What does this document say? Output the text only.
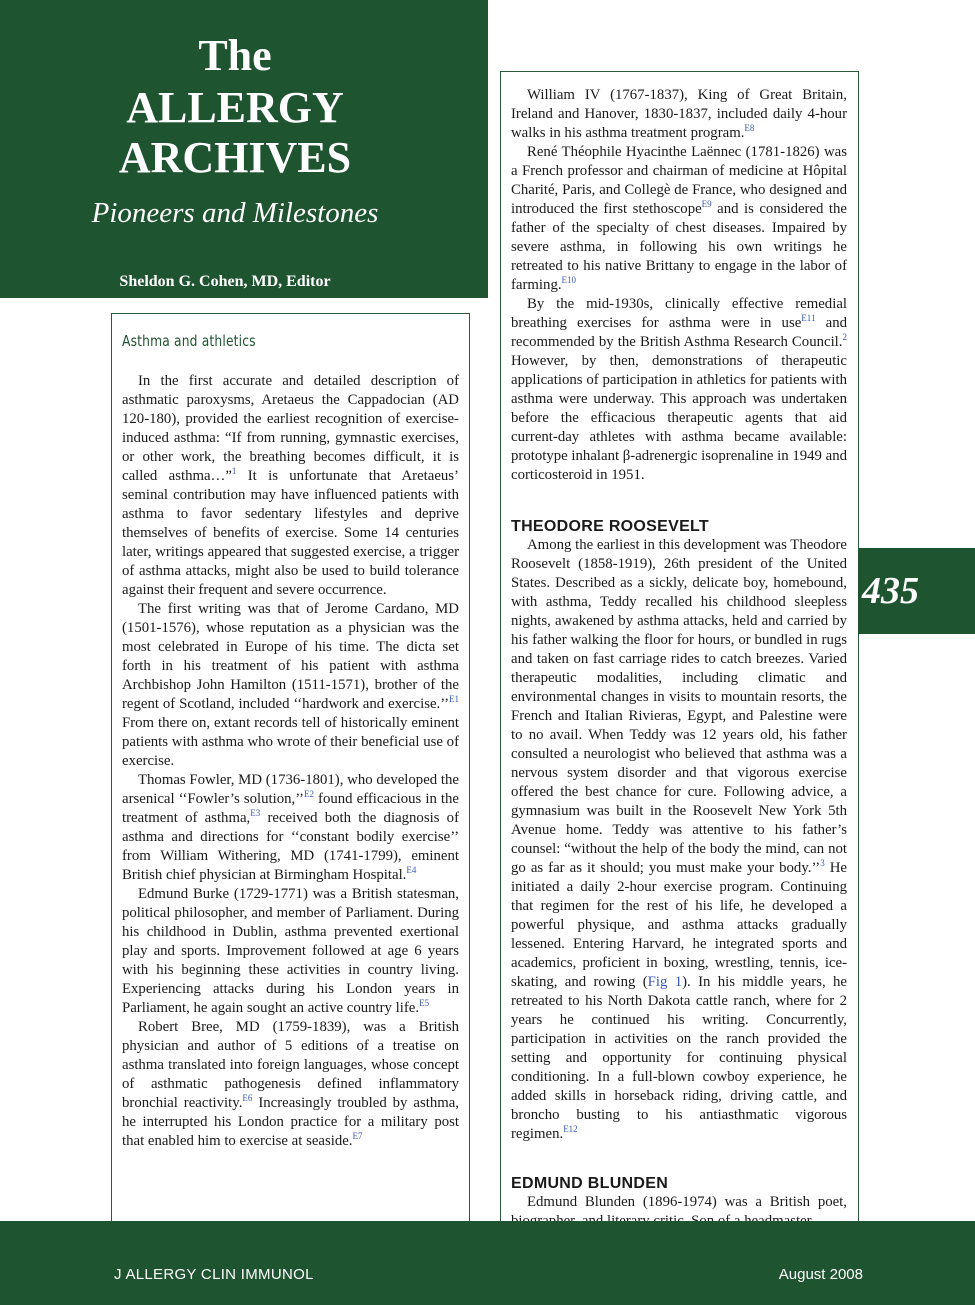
The
ALLERGY
ARCHIVES
Pioneers and Milestones
Sheldon G. Cohen, MD, Editor
Asthma and athletics

In the first accurate and detailed description of asthmatic paroxysms, Aretaeus the Cappadocian (AD 120-180), provided the earliest recognition of exercise-induced asthma: “If from running, gymnastic exercises, or other work, the breathing becomes difficult, it is called asthma…”$^1$ It is unfortunate that Aretaeus’ seminal contribution may have influenced patients with asthma to favor sedentary lifestyles and deprive themselves of benefits of exercise. Some 14 centuries later, writings appeared that suggested exercise, a trigger of asthma attacks, might also be used to build tolerance against their frequent and severe occurrence.

The first writing was that of Jerome Cardano, MD (1501-1576), whose reputation as a physician was the most celebrated in Europe of his time. The dicta set forth in his treatment of his patient with asthma Archbishop John Hamilton (1511-1571), brother of the regent of Scotland, included ‘‘hardwork and exercise.’’$^{E1}$ From there on, extant records tell of historically eminent patients with asthma who wrote of their beneficial use of exercise.

Thomas Fowler, MD (1736-1801), who developed the arsenical ‘‘Fowler’s solution,’’$^{E2}$ found efficacious in the treatment of asthma,$^{E3}$ received both the diagnosis of asthma and directions for ‘‘constant bodily exercise’’ from William Withering, MD (1741-1799), eminent British chief physician at Birmingham Hospital.$^{E4}$

Edmund Burke (1729-1771) was a British statesman, political philosopher, and member of Parliament. During his childhood in Dublin, asthma prevented exertional play and sports. Improvement followed at age 6 years with his beginning these activities in country living. Experiencing attacks during his London years in Parliament, he again sought an active country life.$^{E5}$

Robert Bree, MD (1759-1839), was a British physician and author of 5 editions of a treatise on asthma translated into foreign languages, whose concept of asthmatic pathogenesis defined inflammatory bronchial reactivity.$^{E6}$ Increasingly troubled by asthma, he interrupted his London practice for a military post that enabled him to exercise at seaside.$^{E7}$

William IV (1767-1837), King of Great Britain, Ireland and Hanover, 1830-1837, included daily 4-hour walks in his asthma treatment program.$^{E8}$

René Théophile Hyacinthe Laënnec (1781-1826) was a French professor and chairman of medicine at Hôpital Charité, Paris, and Collegè de France, who designed and introduced the first stethoscope$^{E9}$ and is considered the father of the specialty of chest diseases. Impaired by severe asthma, in following his own writings he retreated to his native Brittany to engage in the labor of farming.$^{E10}$

By the mid-1930s, clinically effective remedial breathing exercises for asthma were in use$^{E11}$ and recommended by the British Asthma Research Council.$^2$ However, by then, demonstrations of therapeutic applications of participation in athletics for patients with asthma were underway. This approach was undertaken before the efficacious therapeutic agents that aid current-day athletes with asthma became available: prototype inhalant β-adrenergic isoprenaline in 1949 and corticosteroid in 1951.

THEODORE ROOSEVELT

Among the earliest in this development was Theodore Roosevelt (1858-1919), 26th president of the United States. Described as a sickly, delicate boy, homebound, with asthma, Teddy recalled his childhood sleepless nights, awakened by asthma attacks, held and carried by his father walking the floor for hours, or bundled in rugs and taken on fast carriage rides to catch breezes. Varied therapeutic modalities, including climatic and environmental changes in visits to mountain resorts, the French and Italian Rivieras, Egypt, and Palestine were to no avail. When Teddy was 12 years old, his father consulted a neurologist who believed that asthma was a nervous system disorder and that vigorous exercise offered the best chance for cure. Following advice, a gymnasium was built in the Roosevelt New York 5th Avenue home. Teddy was attentive to his father’s counsel: “without the help of the body the mind, can not go as far as it should; you must make your body.’’$^3$ He initiated a daily 2-hour exercise program. Continuing that regimen for the rest of his life, he developed a powerful physique, and asthma attacks gradually lessened. Entering Harvard, he integrated sports and academics, proficient in boxing, wrestling, tennis, ice-skating, and rowing (Fig 1). In his middle years, he retreated to his North Dakota cattle ranch, where for 2 years he continued his writing. Concurrently, participation in activities on the ranch provided the setting and opportunity for continuing physical conditioning. In a full-blown cowboy experience, he added skills in horseback riding, driving cattle, and broncho busting to his antiasthmatic vigorous regimen.$^{E12}$

EDMUND BLUNDEN

Edmund Blunden (1896-1974) was a British poet,

435
J ALLERGY CLIN IMMUNOL	August 2008
